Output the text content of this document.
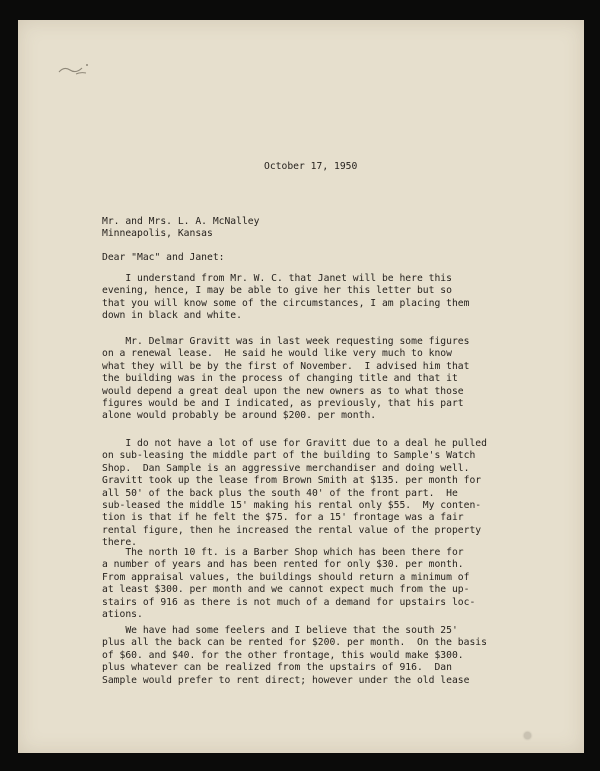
October 17, 1950
Mr. and Mrs. L. A. McNalley
Minneapolis, Kansas
Dear "Mac" and Janet:
I understand from Mr. W. C. that Janet will be here this
evening, hence, I may be able to give her this letter but so
that you will know some of the circumstances, I am placing them
down in black and white.
Mr. Delmar Gravitt was in last week requesting some figures
on a renewal lease.  He said he would like very much to know
what they will be by the first of November.  I advised him that
the building was in the process of changing title and that it
would depend a great deal upon the new owners as to what those
figures would be and I indicated, as previously, that his part
alone would probably be around $200. per month.
I do not have a lot of use for Gravitt due to a deal he pulled
on sub-leasing the middle part of the building to Sample's Watch
Shop.  Dan Sample is an aggressive merchandiser and doing well.
Gravitt took up the lease from Brown Smith at $135. per month for
all 50' of the back plus the south 40' of the front part.  He
sub-leased the middle 15' making his rental only $55.  My conten-
tion is that if he felt the $75. for a 15' frontage was a fair
rental figure, then he increased the rental value of the property
there.
The north 10 ft. is a Barber Shop which has been there for
a number of years and has been rented for only $30. per month.
From appraisal values, the buildings should return a minimum of
at least $300. per month and we cannot expect much from the up-
stairs of 916 as there is not much of a demand for upstairs loc-
ations.
We have had some feelers and I believe that the south 25'
plus all the back can be rented for $200. per month.  On the basis
of $60. and $40. for the other frontage, this would make $300.
plus whatever can be realized from the upstairs of 916.  Dan
Sample would prefer to rent direct; however under the old lease
